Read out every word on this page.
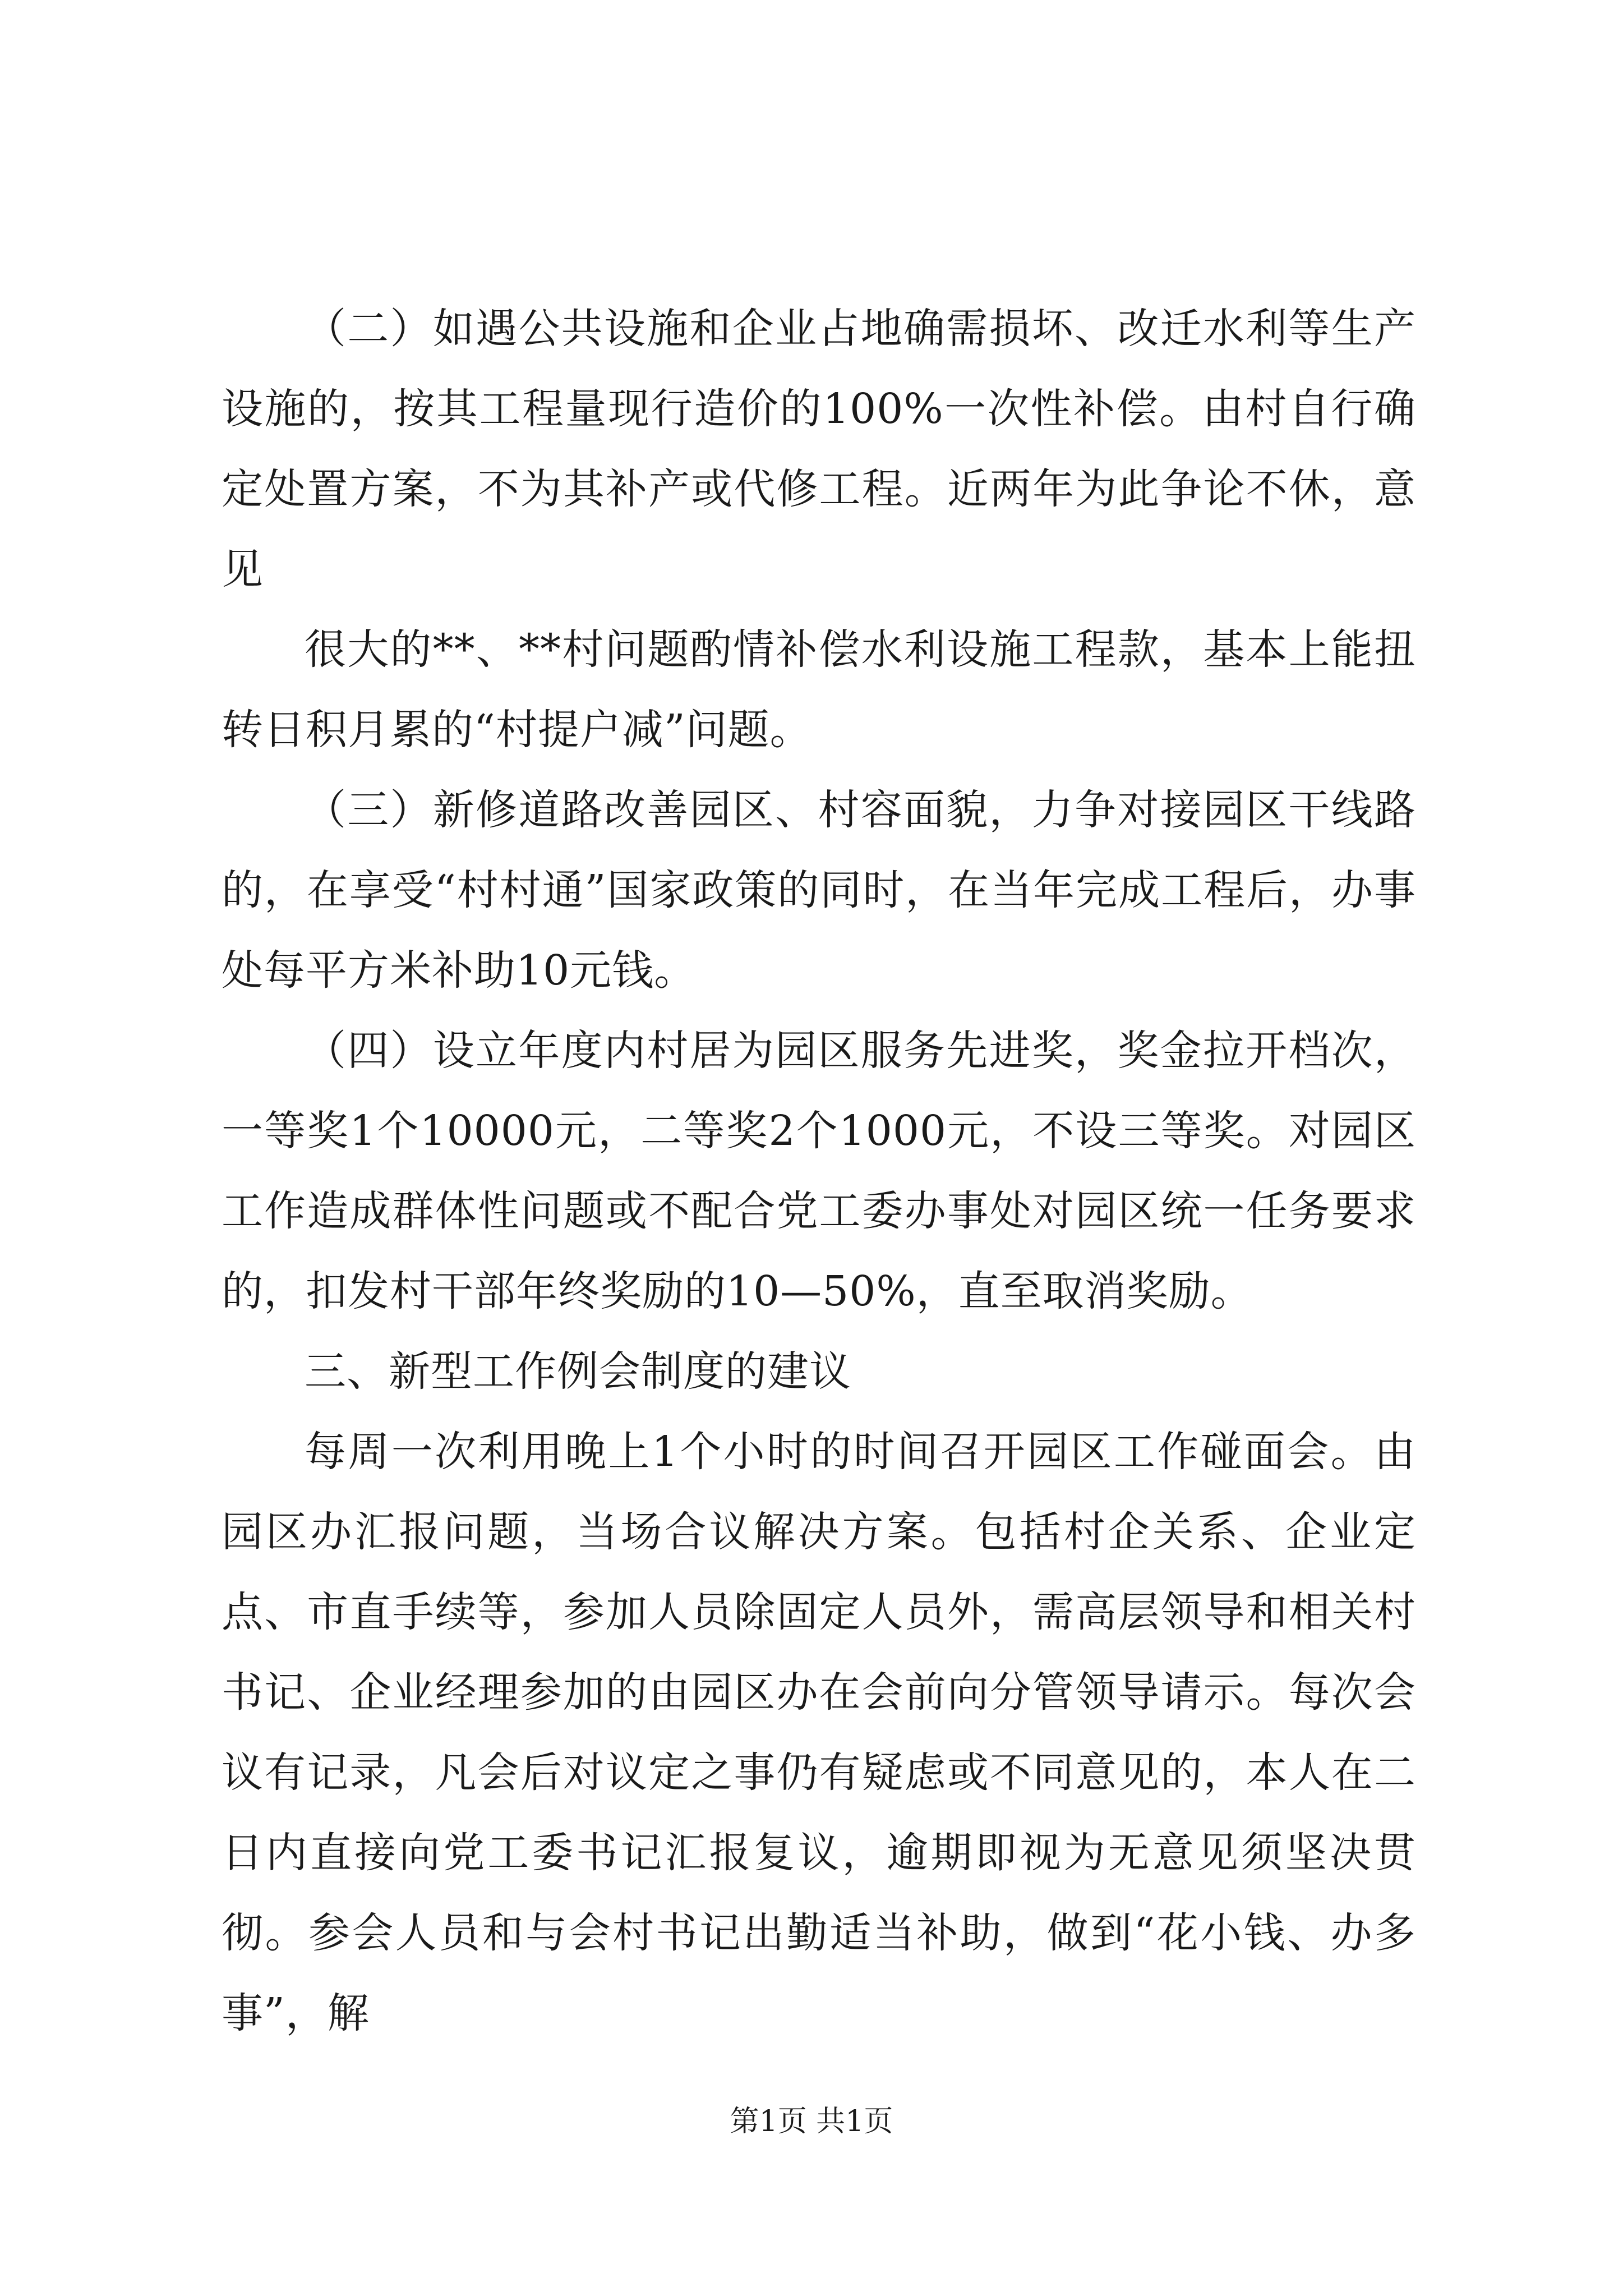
（二）如遇公共设施和企业占地确需损坏、改迁水利等生产设施的，按其工程量现行造价的100%一次性补偿。由村自行确定处置方案，不为其补产或代修工程。近两年为此争论不休，意见

很大的**、**村问题酌情补偿水利设施工程款，基本上能扭转日积月累的“村提户减”问题。

（三）新修道路改善园区、村容面貌，力争对接园区干线路的，在享受“村村通”国家政策的同时，在当年完成工程后，办事处每平方米补助10元钱。

（四）设立年度内村居为园区服务先进奖，奖金拉开档次，一等奖1个10000元，二等奖2个1000元，不设三等奖。对园区工作造成群体性问题或不配合党工委办事处对园区统一任务要求的，扣发村干部年终奖励的10—50%，直至取消奖励。

三、新型工作例会制度的建议

每周一次利用晚上1个小时的时间召开园区工作碰面会。由园区办汇报问题，当场合议解决方案。包括村企关系、企业定点、市直手续等，参加人员除固定人员外，需高层领导和相关村书记、企业经理参加的由园区办在会前向分管领导请示。每次会议有记录，凡会后对议定之事仍有疑虑或不同意见的，本人在二日内直接向党工委书记汇报复议，逾期即视为无意见须坚决贯彻。参会人员和与会村书记出勤适当补助，做到“花小钱、办多事”，解

第1页 共1页
